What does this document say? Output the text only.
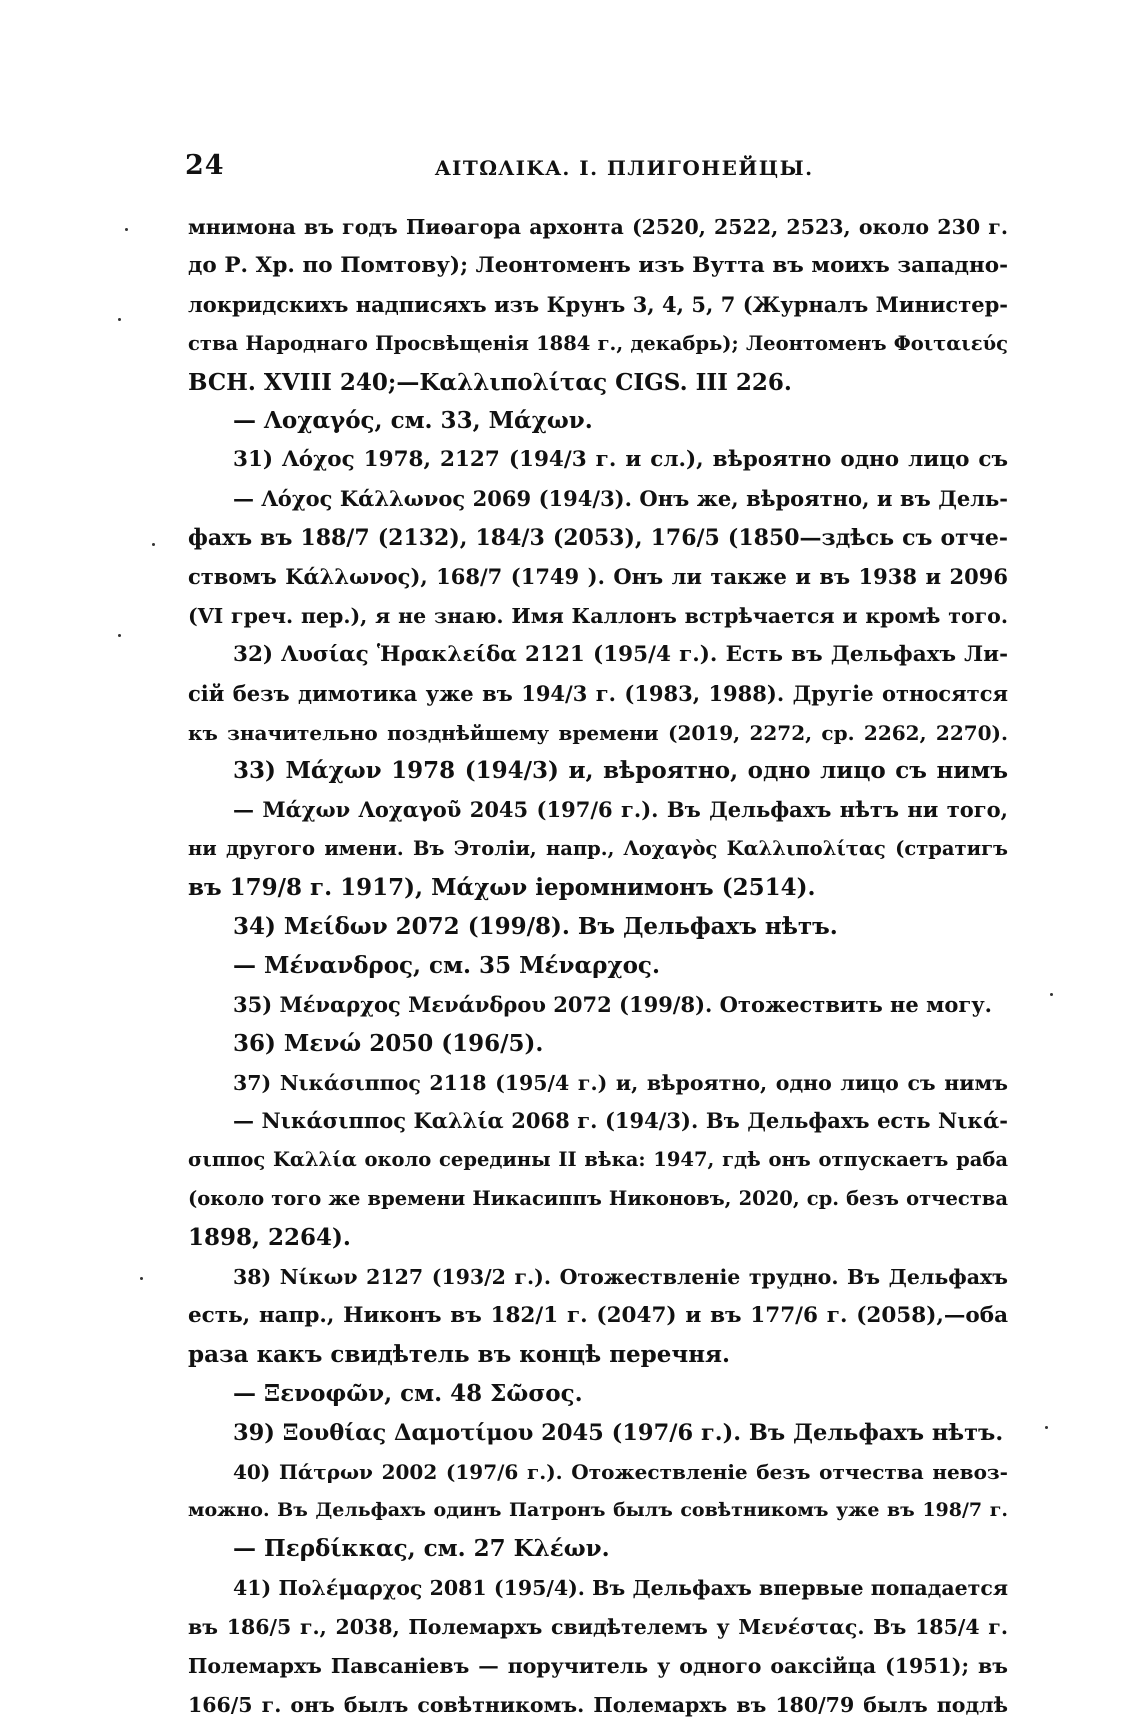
24	ΑΙΤΩΛΙΚΑ. I. ПЛИГОНЕЙЦЫ.
мнимона въ годъ Пиѳагора архонта (2520, 2522, 2523, около 230 г.
до Р. Хр. по Помтову); Леонтоменъ изъ Вутта въ моихъ западно-
локридскихъ надписяхъ изъ Крунъ 3, 4, 5, 7 (Журналъ Министер-
ства Народнаго Просвѣщенія 1884 г., декабрь); Леонтоменъ Φοιταιεύς
BCH. XVIII 240;—Καλλιπολίτας CIGS. III 226.
— Λοχαγός, см. 33, Μάχων.
31) Λόχος 1978, 2127 (194/3 г. и сл.), вѣроятно одно лицо съ
— Λόχος Κάλλωνος 2069 (194/3). Онъ же, вѣроятно, и въ Дель-
фахъ въ 188/7 (2132), 184/3 (2053), 176/5 (1850—здѣсь съ отче-
ствомъ Κάλλωνος), 168/7 (1749 ). Онъ ли также и въ 1938 и 2096
(VI греч. пер.), я не знаю. Имя Каллонъ встрѣчается и кромѣ того.
32) Λυσίας Ἡρακλείδα 2121 (195/4 г.). Есть въ Дельфахъ Ли-
сій безъ димотика уже въ 194/3 г. (1983, 1988). Другіе относятся
къ значительно позднѣйшему времени (2019, 2272, ср. 2262, 2270).
33) Μάχων 1978 (194/3) и, вѣроятно, одно лицо съ нимъ
— Μάχων Λοχαγοῦ 2045 (197/6 г.). Въ Дельфахъ нѣтъ ни того,
ни другого имени. Въ Этоліи, напр., Λοχαγὸς Καλλιπολίτας (стратигъ
въ 179/8 г. 1917), Μάχων іеромнимонъ (2514).
34) Μείδων 2072 (199/8). Въ Дельфахъ нѣтъ.
— Μένανδρος, см. 35 Μέναρχος.
35) Μέναρχος Μενάνδρου 2072 (199/8). Отожествить не могу.
36) Μενώ 2050 (196/5).
37) Νικάσιππος 2118 (195/4 г.) и, вѣроятно, одно лицо съ нимъ
— Νικάσιππος Καλλία 2068 г. (194/3). Въ Дельфахъ есть Νικά-
σιππος Καλλία около середины II вѣка: 1947, гдѣ онъ отпускаетъ раба
(около того же времени Никасиппъ Никоновъ, 2020, ср. безъ отчества
1898, 2264).
38) Νίκων 2127 (193/2 г.). Отожествленіе трудно. Въ Дельфахъ
есть, напр., Никонъ въ 182/1 г. (2047) и въ 177/6 г. (2058),—оба
раза какъ свидѣтель въ концѣ перечня.
— Ξενοφῶν, см. 48 Σῶσος.
39) Ξουθίας Δαμοτίμου 2045 (197/6 г.). Въ Дельфахъ нѣтъ.
40) Πάτρων 2002 (197/6 г.). Отожествленіе безъ отчества невоз-
можно. Въ Дельфахъ одинъ Патронъ былъ совѣтникомъ уже въ 198/7 г.
— Περδίκκας, см. 27 Κλέων.
41) Πολέμαρχος 2081 (195/4). Въ Дельфахъ впервые попадается
въ 186/5 г., 2038, Полемархъ свидѣтелемъ у Μενέστας. Въ 185/4 г.
Полемархъ Павсаніевъ — поручитель у одного оаксійца (1951); въ
166/5 г. онъ былъ совѣтникомъ. Полемархъ въ 180/79 былъ подлѣ
